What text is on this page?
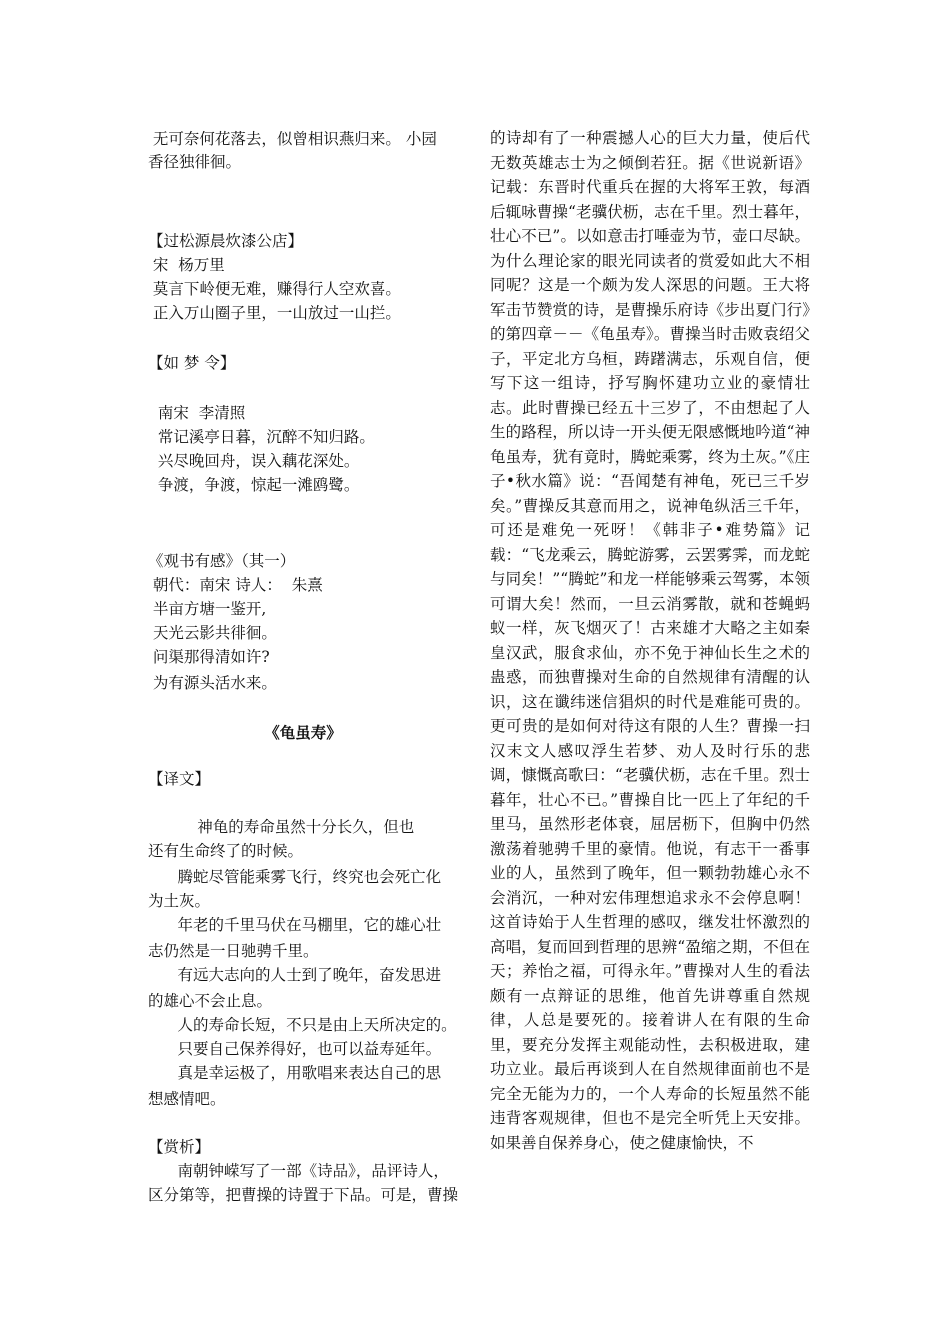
无可奈何花落去，似曾相识燕归来。 小园
香径独徘徊。
【过松源晨炊漆公店】
宋  杨万里
莫言下岭便无难，赚得行人空欢喜。
正入万山圈子里，一山放过一山拦。
【如 梦 令】
南宋  李清照
常记溪亭日暮，沉醉不知归路。
兴尽晚回舟，误入藕花深处。
争渡，争渡，惊起一滩鸥鹭。
《观书有感》（其一）
朝代：南宋 诗人：  朱熹
半亩方塘一鉴开,
天光云影共徘徊。
问渠那得清如许?
为有源头活水来。
《龟虽寿》
【译文】
神龟的寿命虽然十分长久，但也
还有生命终了的时候。
腾蛇尽管能乘雾飞行，终究也会死亡化
为土灰。
年老的千里马伏在马棚里，它的雄心壮
志仍然是一日驰骋千里。
有远大志向的人士到了晚年，奋发思进
的雄心不会止息。
人的寿命长短，不只是由上天所决定的。
只要自己保养得好，也可以益寿延年。
真是幸运极了，用歌唱来表达自己的思
想感情吧。
【赏析】
南朝钟嵘写了一部《诗品》，品评诗人，
区分第等，把曹操的诗置于下品。可是，曹操

的诗却有了一种震撼人心的巨大力量，使后代无数英雄志士为之倾倒若狂。据《世说新语》记载：东晋时代重兵在握的大将军王敦，每酒后辄咏曹操“老骥伏枥，志在千里。烈士暮年，壮心不已”。以如意击打唾壶为节，壶口尽缺。为什么理论家的眼光同读者的赏爱如此大不相同呢？这是一个颇为发人深思的问题。王大将军击节赞赏的诗，是曹操乐府诗《步出夏门行》的第四章－－《龟虽寿》。曹操当时击败袁绍父子，平定北方乌桓，踌躇满志，乐观自信，便写下这一组诗，抒写胸怀建功立业的豪情壮志。此时曹操已经五十三岁了，不由想起了人生的路程，所以诗一开头便无限感慨地吟道“神龟虽寿，犹有竟时，腾蛇乘雾，终为土灰。”《庄子•秋水篇》说：“吾闻楚有神龟，死已三千岁矣。”曹操反其意而用之，说神龟纵活三千年，可还是难免一死呀！《韩非子•难势篇》记载：“飞龙乘云，腾蛇游雾，云罢雾霁，而龙蛇与同矣！”“腾蛇”和龙一样能够乘云驾雾，本领可谓大矣！然而，一旦云消雾散，就和苍蝇蚂蚁一样，灰飞烟灭了！古来雄才大略之主如秦皇汉武，服食求仙，亦不免于神仙长生之术的蛊惑，而独曹操对生命的自然规律有清醒的认识，这在谶纬迷信猖炽的时代是难能可贵的。更可贵的是如何对待这有限的人生？曹操一扫汉末文人感叹浮生若梦、劝人及时行乐的悲调，慷慨高歌曰：“老骥伏枥，志在千里。烈士暮年，壮心不已。”曹操自比一匹上了年纪的千里马，虽然形老体衰，屈居枥下，但胸中仍然激荡着驰骋千里的豪情。他说，有志干一番事业的人，虽然到了晚年，但一颗勃勃雄心永不会消沉，一种对宏伟理想追求永不会停息啊！这首诗始于人生哲理的感叹，继发壮怀激烈的高唱，复而回到哲理的思辨“盈缩之期，不但在天；养怡之福，可得永年。”曹操对人生的看法颇有一点辩证的思维，他首先讲尊重自然规律，人总是要死的。接着讲人在有限的生命里，要充分发挥主观能动性，去积极进取，建功立业。最后再谈到人在自然规律面前也不是完全无能为力的，一个人寿命的长短虽然不能违背客观规律，但也不是完全听凭上天安排。如果善自保养身心，使之健康愉快，不
